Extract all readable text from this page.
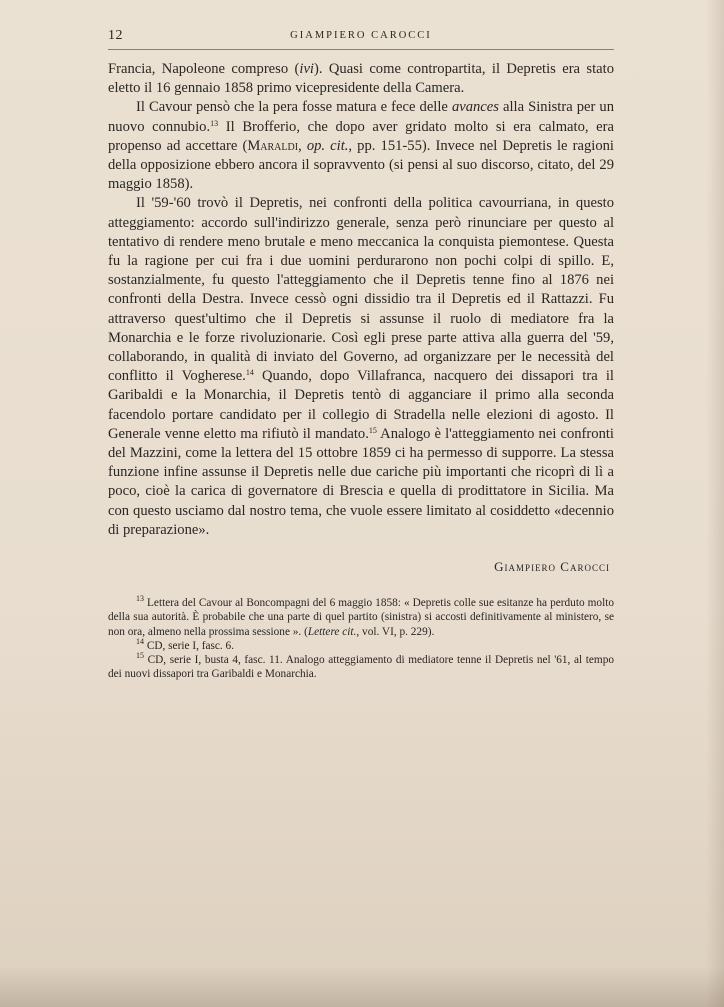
12	GIAMPIERO CAROCCI

Francia, Napoleone compreso (ivi). Quasi come contropartita, il Depretis era stato eletto il 16 gennaio 1858 primo vicepresidente della Camera.

Il Cavour pensò che la pera fosse matura e fece delle avances alla Sinistra per un nuovo connubio.$^{13}$ Il Brofferio, che dopo aver gridato molto si era calmato, era propenso ad accettare (Maraldi, op. cit., pp. 151-55). Invece nel Depretis le ragioni della opposizione ebbero ancora il sopravvento (si pensi al suo discorso, citato, del 29 maggio 1858).

Il '59-'60 trovò il Depretis, nei confronti della politica cavourriana, in questo atteggiamento: accordo sull'indirizzo generale, senza però rinunciare per questo al tentativo di rendere meno brutale e meno meccanica la conquista piemontese. Questa fu la ragione per cui fra i due uomini perdurarono non pochi colpi di spillo. E, sostanzialmente, fu questo l'atteggiamento che il Depretis tenne fino al 1876 nei confronti della Destra. Invece cessò ogni dissidio tra il Depretis ed il Rattazzi. Fu attraverso quest'ultimo che il Depretis si assunse il ruolo di mediatore fra la Monarchia e le forze rivoluzionarie. Così egli prese parte attiva alla guerra del '59, collaborando, in qualità di inviato del Governo, ad organizzare per le necessità del conflitto il Vogherese.$^{14}$ Quando, dopo Villafranca, nacquero dei dissapori tra il Garibaldi e la Monarchia, il Depretis tentò di agganciare il primo alla seconda facendolo portare candidato per il collegio di Stradella nelle elezioni di agosto. Il Generale venne eletto ma rifiutò il mandato.$^{15}$ Analogo è l'atteggiamento nei confronti del Mazzini, come la lettera del 15 ottobre 1859 ci ha permesso di supporre. La stessa funzione infine assunse il Depretis nelle due cariche più importanti che ricoprì di lì a poco, cioè la carica di governatore di Brescia e quella di prodittatore in Sicilia. Ma con questo usciamo dal nostro tema, che vuole essere limitato al cosiddetto «decennio di preparazione».

Giampiero Carocci

$^{13}$ Lettera del Cavour al Boncompagni del 6 maggio 1858: « Depretis colle sue esitanze ha perduto molto della sua autorità. È probabile che una parte di quel partito (sinistra) si accosti definitivamente al ministero, se non ora, almeno nella prossima sessione ». (Lettere cit., vol. VI, p. 229).

$^{14}$ CD, serie I, fasc. 6.

$^{15}$ CD, serie I, busta 4, fasc. 11. Analogo atteggiamento di mediatore tenne il Depretis nel '61, al tempo dei nuovi dissapori tra Garibaldi e Monarchia.
